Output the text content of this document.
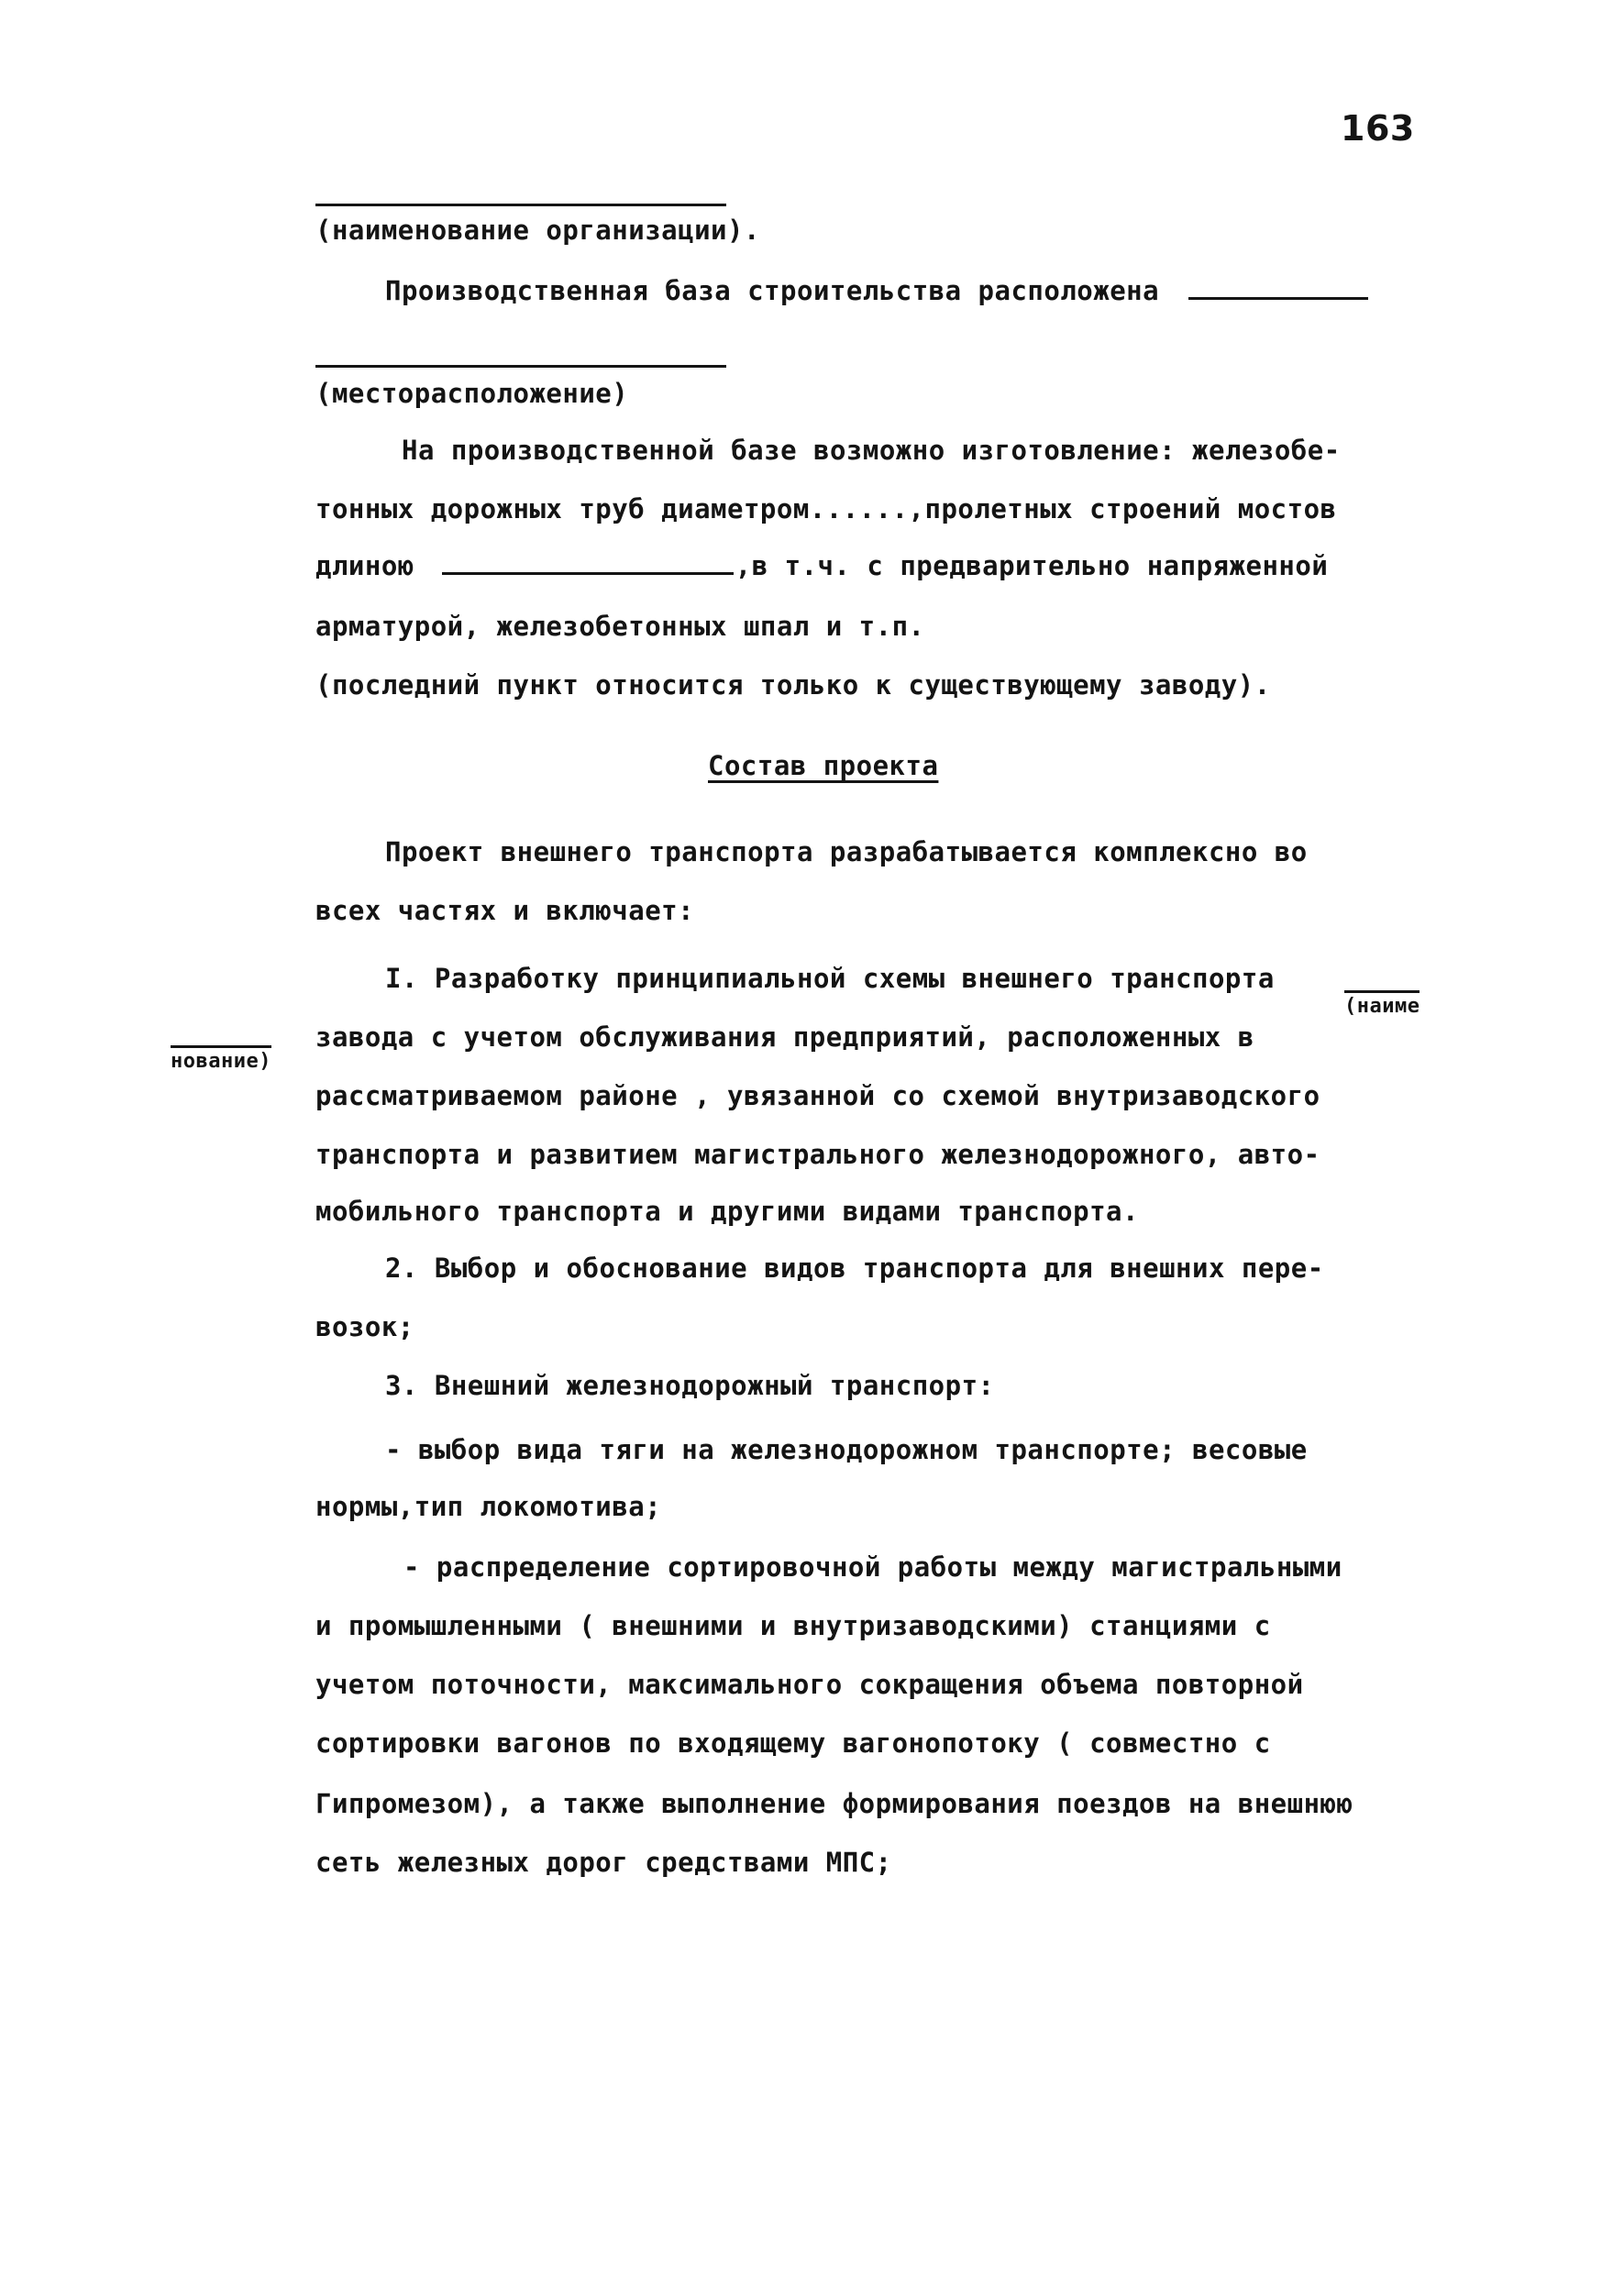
163
(наименование организации).
Производственная база строительства расположена
(месторасположение)
На производственной базе возможно изготовление: железобе-
тонных дорожных труб диаметром......,пролетных строений мостов
длиною	,в т.ч. с предварительно напряженной
арматурой, железобетонных шпал и т.п.
(последний пункт относится только к существующему заводу).
Состав проекта
Проект внешнего транспорта разрабатывается комплексно во
всех частях и включает:
I. Разработку принципиальной схемы внешнего транспорта
(наиме
нование)
завода с учетом обслуживания предприятий, расположенных в
рассматриваемом районе , увязанной со схемой внутризаводского
транспорта и развитием магистрального железнодорожного, авто-
мобильного транспорта и другими видами транспорта.
2. Выбор и обоснование видов транспорта для внешних пере-
возок;
3. Внешний железнодорожный транспорт:
- выбор вида тяги на железнодорожном транспорте; весовые
нормы,тип локомотива;
- распределение сортировочной работы между магистральными
и промышленными ( внешними и внутризаводскими) станциями с
учетом поточности, максимального сокращения объема повторной
сортировки вагонов по входящему вагонопотоку ( совместно с
Гипромезом), а также выполнение формирования поездов на внешнюю
сеть железных дорог средствами МПС;
